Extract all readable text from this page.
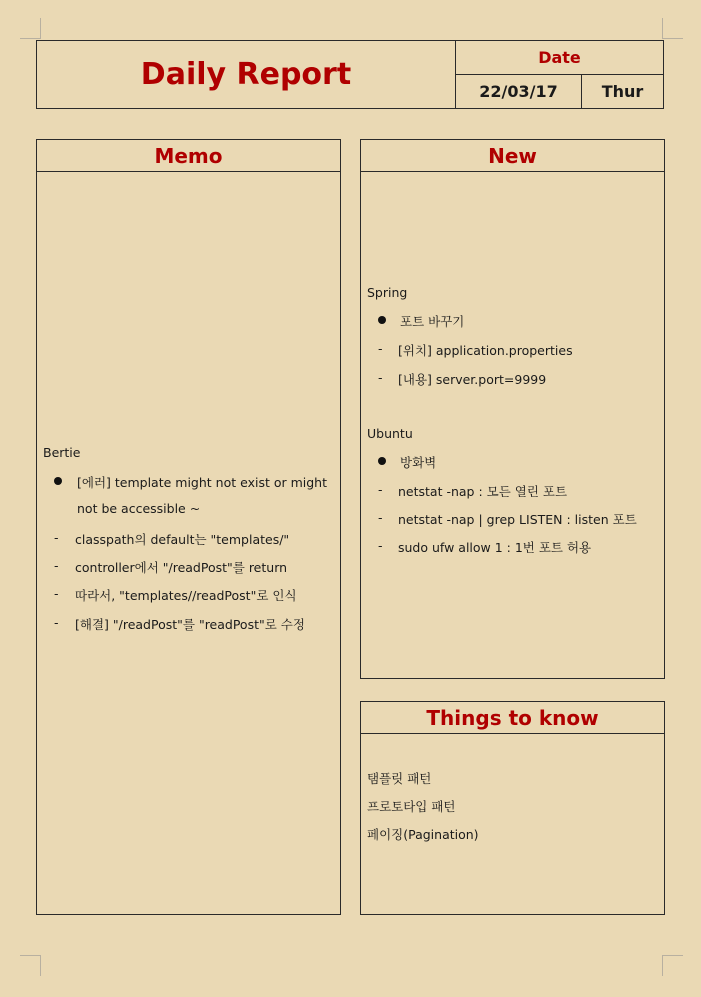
Daily Report	Date
22/03/17	Thur
Memo
Bertie
[에러] template might not exist or might
not be accessible ~
- classpath의 default는 "templates/"
- controller에서 "/readPost"를 return
- 따라서, "templates//readPost"로 인식
- [해결] "/readPost"를 "readPost"로 수정
New
Spring
포트 바꾸기
- [위치] application.properties
- [내용] server.port=9999
Ubuntu
방화벽
- netstat -nap : 모든 열린 포트
- netstat -nap | grep LISTEN : listen 포트
- sudo ufw allow 1 : 1번 포트 허용
Things to know
탬플릿 패턴
프로토타입 패턴
페이징(Pagination)
